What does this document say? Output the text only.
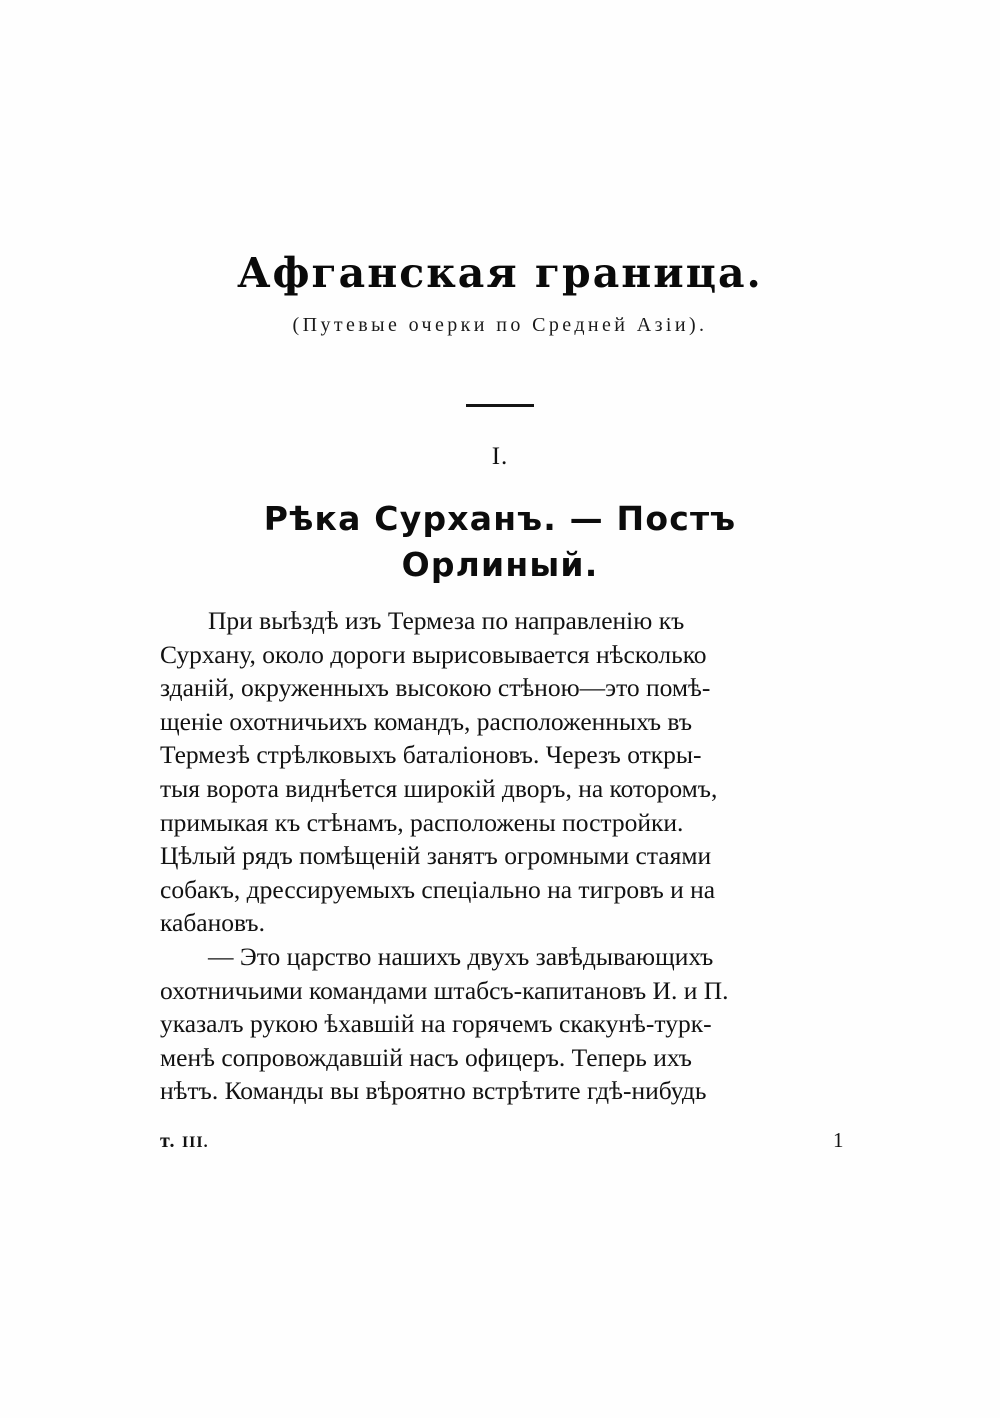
Афганская граница.
(Путевые очерки по Средней Азіи).
I.
Рѣка Сурханъ. — Постъ
Орлиный.

При выѣздѣ изъ Термеза по направленію къ
Сурхану, около дороги вырисовывается нѣсколько
зданій, окруженныхъ высокою стѣною—это помѣ-
щеніе охотничьихъ командъ, расположенныхъ въ
Термезѣ стрѣлковыхъ баталіоновъ. Черезъ откры-
тыя ворота виднѣется широкій дворъ, на которомъ,
примыкая къ стѣнамъ, расположены постройки.
Цѣлый рядъ помѣщеній занятъ огромными стаями
собакъ, дрессируемыхъ спеціально на тигровъ и на
кабановъ.

— Это царство нашихъ двухъ завѣдывающихъ
охотничьими командами штабсъ-капитановъ И. и П.
указалъ рукою ѣхавшій на горячемъ скакунѣ-турк-
менѣ сопровождавшій насъ офицеръ. Теперь ихъ
нѣтъ. Команды вы вѣроятно встрѣтите гдѣ-нибудь

т. III.	1
